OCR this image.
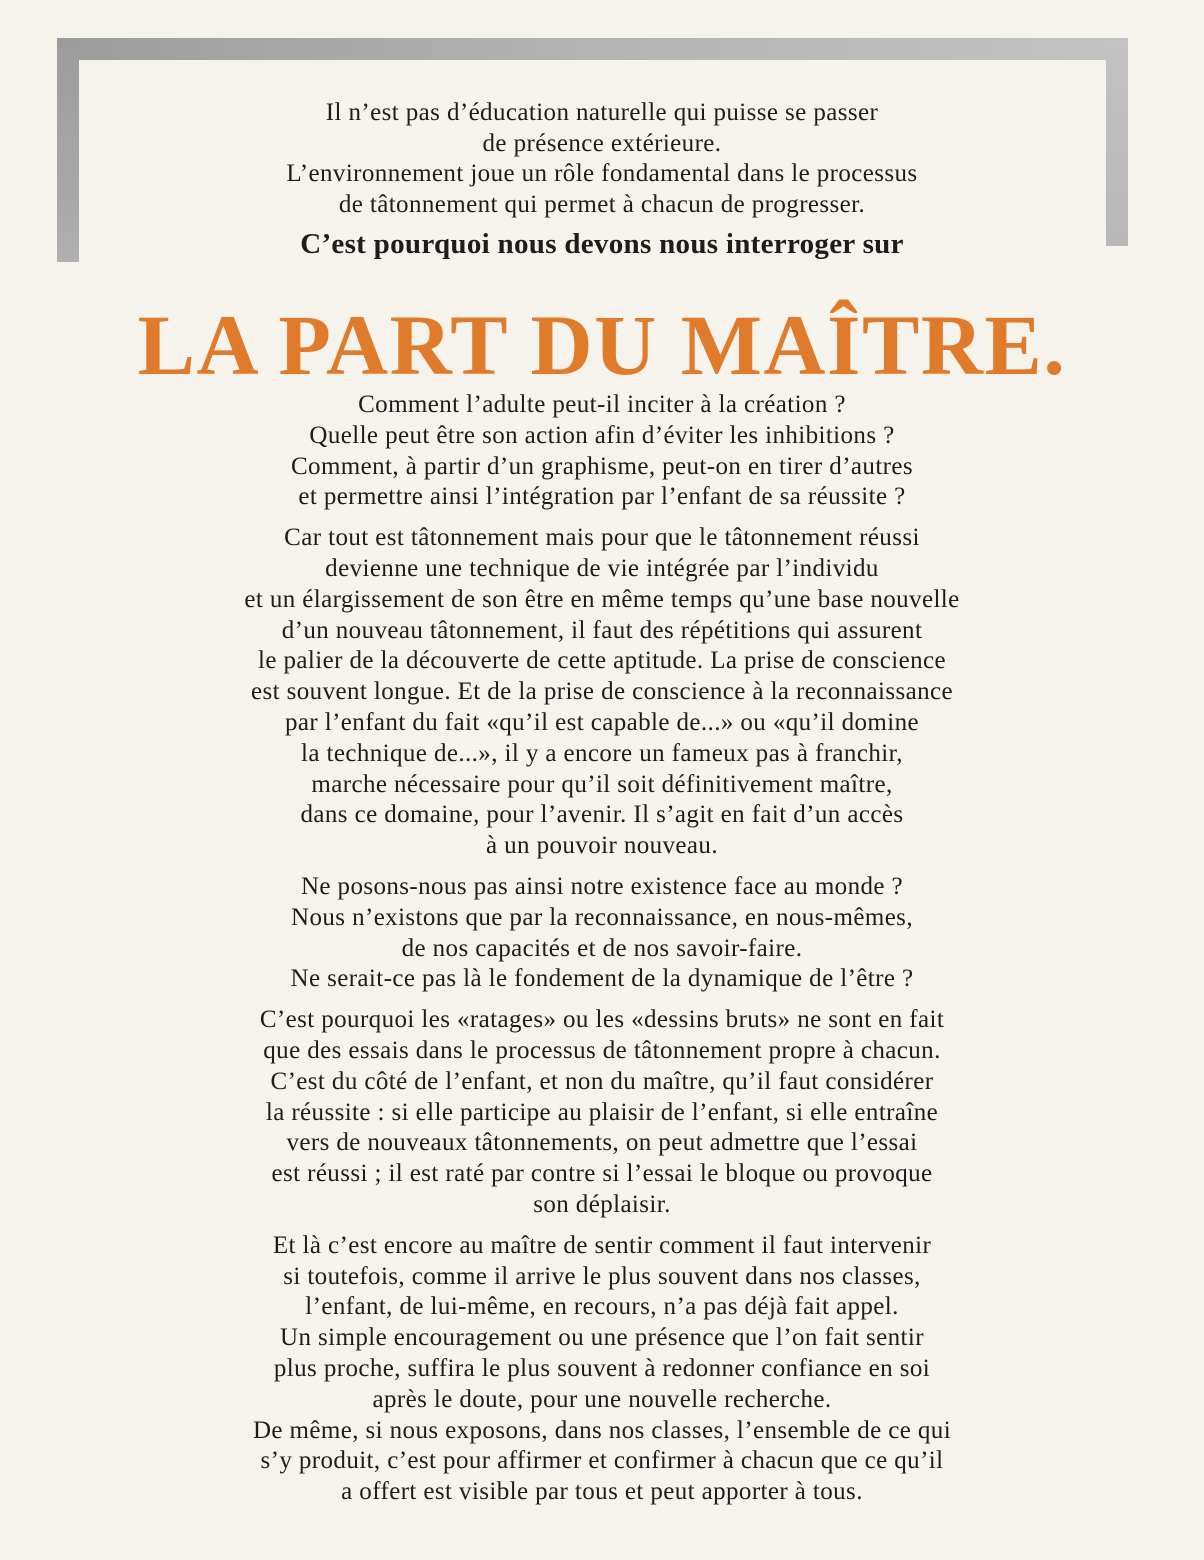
Il n’est pas d’éducation naturelle qui puisse se passer

de présence extérieure.

L’environnement joue un rôle fondamental dans le processus

de tâtonnement qui permet à chacun de progresser.

C’est pourquoi nous devons nous interroger sur
LA PART DU MAÎTRE.
Comment l’adulte peut-il inciter à la création ?
Quelle peut être son action afin d’éviter les inhibitions ?
Comment, à partir d’un graphisme, peut-on en tirer d’autres
et permettre ainsi l’intégration par l’enfant de sa réussite ?
Car tout est tâtonnement mais pour que le tâtonnement réussi
devienne une technique de vie intégrée par l’individu
et un élargissement de son être en même temps qu’une base nouvelle
d’un nouveau tâtonnement, il faut des répétitions qui assurent
le palier de la découverte de cette aptitude. La prise de conscience
est souvent longue. Et de la prise de conscience à la reconnaissance
par l’enfant du fait «qu’il est capable de...» ou «qu’il domine
la technique de...», il y a encore un fameux pas à franchir,
marche nécessaire pour qu’il soit définitivement maître,
dans ce domaine, pour l’avenir. Il s’agit en fait d’un accès
à un pouvoir nouveau.
Ne posons-nous pas ainsi notre existence face au monde ?
Nous n’existons que par la reconnaissance, en nous-mêmes,
de nos capacités et de nos savoir-faire.
Ne serait-ce pas là le fondement de la dynamique de l’être ?
C’est pourquoi les «ratages» ou les «dessins bruts» ne sont en fait
que des essais dans le processus de tâtonnement propre à chacun.
C’est du côté de l’enfant, et non du maître, qu’il faut considérer
la réussite : si elle participe au plaisir de l’enfant, si elle entraîne
vers de nouveaux tâtonnements, on peut admettre que l’essai
est réussi ; il est raté par contre si l’essai le bloque ou provoque
son déplaisir.
Et là c’est encore au maître de sentir comment il faut intervenir
si toutefois, comme il arrive le plus souvent dans nos classes,
l’enfant, de lui-même, en recours, n’a pas déjà fait appel.
Un simple encouragement ou une présence que l’on fait sentir
plus proche, suffira le plus souvent à redonner confiance en soi
après le doute, pour une nouvelle recherche.
De même, si nous exposons, dans nos classes, l’ensemble de ce qui
s’y produit, c’est pour affirmer et confirmer à chacun que ce qu’il
a offert est visible par tous et peut apporter à tous.
